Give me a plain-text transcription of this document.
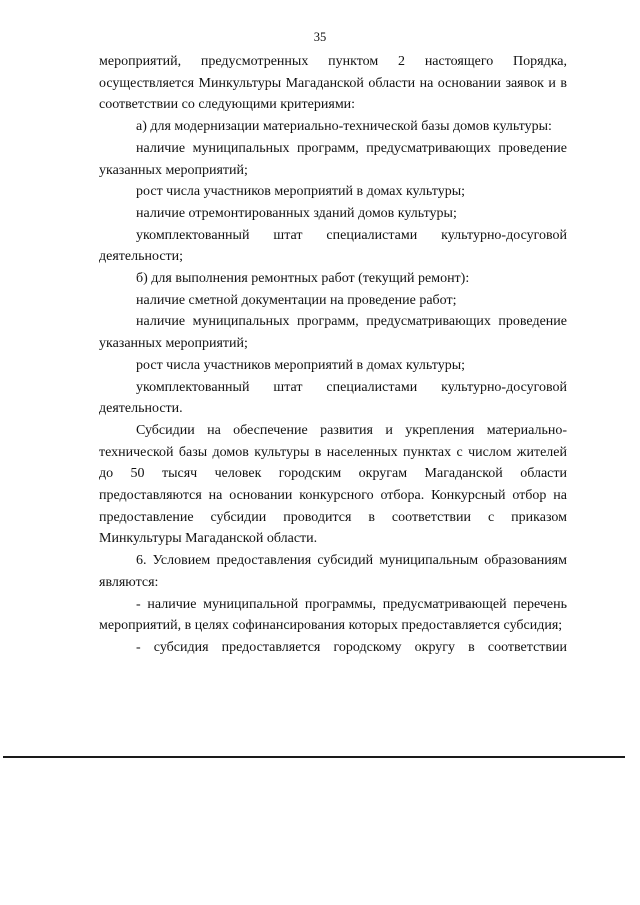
35

мероприятий, предусмотренных пунктом 2 настоящего Порядка, осуществляется Минкультуры Магаданской области на основании заявок и в соответствии со следующими критериями:

а) для модернизации материально-технической базы домов культуры:

наличие муниципальных программ, предусматривающих проведение указанных мероприятий;

рост числа участников мероприятий в домах культуры;

наличие отремонтированных зданий домов культуры;

укомплектованный штат специалистами культурно-досуговой деятельности;

б) для выполнения ремонтных работ (текущий ремонт):

наличие сметной документации на проведение работ;

наличие муниципальных программ, предусматривающих проведение указанных мероприятий;

рост числа участников мероприятий в домах культуры;

укомплектованный штат специалистами культурно-досуговой деятельности.

Субсидии на обеспечение развития и укрепления материально-технической базы домов культуры в населенных пунктах с числом жителей до 50 тысяч человек городским округам Магаданской области предоставляются на основании конкурсного отбора. Конкурсный отбор на предоставление субсидии проводится в соответствии с приказом Минкультуры Магаданской области.

6. Условием предоставления субсидий муниципальным образованиям являются:

- наличие муниципальной программы, предусматривающей перечень мероприятий, в целях софинансирования которых предоставляется субсидия;

- субсидия предоставляется городскому округу в соответствии
